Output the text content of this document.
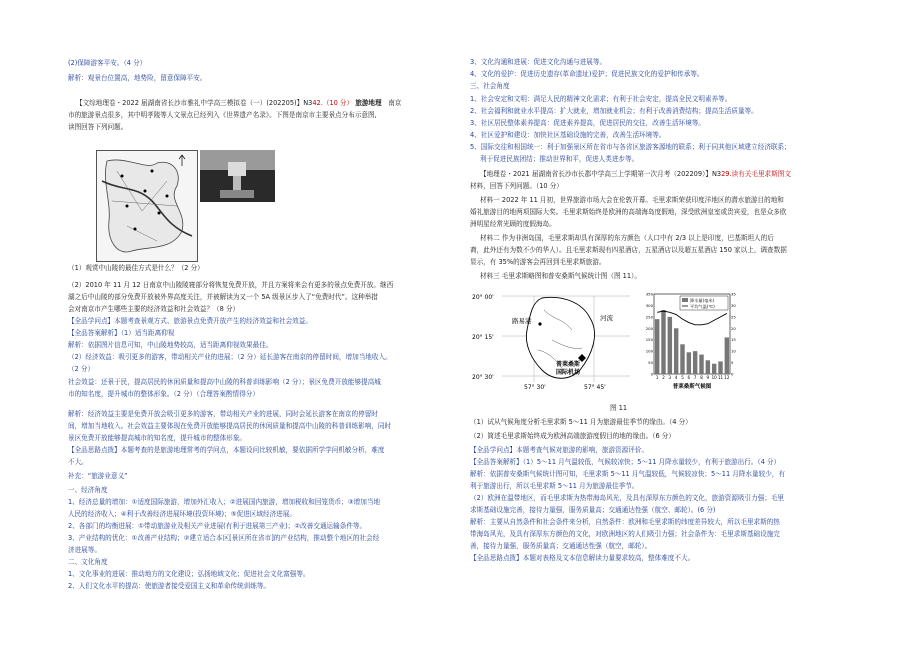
(2)保障游客平安。（4 分）
解析：观景台位置高，地势险，留意保障平安。
【文综地理卷・2022 届湖南省长沙市雅礼中学高三模拟卷（一）(202205)】N342.（10 分） 旅游地理　 南京
市的旅游景点很多，其中明孝陵等人文景点已经列入《世界遗产名录》。下图是南京市主要景点分布示意图,
读图回答下列问题。
（1）观赏中山陵的最佳方式是什么？（2 分）
（2）2010 年 11 月 12 日南京中山陵陵寝部分将恢复免费开放，并且方案将来会有更多的景点免费开放。继西
湖之后中山陵的部分免费开放被外界高度关注，并被解读为又一个 5A 级景区步入了“免费时代”。这种举措
会对南京市产生哪些主要的经济效益和社会效益？（8 分）
【全品学问点】本题考查景观方式、旅游景点免费开放产生的经济效益和社会效益。
【全品答案解析】（1）适当距离仰视
解析：依据图片信息可知，中山陵地势较高，适当距离仰视效果最佳。
（2）经济效益：吸引更多的游客，带动相关产业的进展；（2 分）延长游客在南京的停留时间，增加当地收入。
（2 分）
社会效益：还景于民，提高居民的休闲质量和提高中山陵的科普训练影响（2 分）；景区免费开放能够提高城
市的知名度，提升城市的整体形象。（2 分）（合理答案酌情得分）
解析：经济效益主要是免费开放会吸引更多的游客，带动相关产业的进展，同时会延长游客在南京的停留时
间，增加当地收入。社会效益主要体现在免费开放能够提高居民的休闲质量和提高中山陵的科普训练影响，同时
景区免费开放能够提高城市的知名度，提升城市的整体形象。
【全品思路点拨】本题考查的是旅游地理常考的学问点，本题设问比较机敏，要依据所学学问机敏分析，难度
不大。
补充：“旅游业意义”
一、经济角度
1、经济总量的增加：①适度国际旅游，增加外汇收入；②进展国内旅游，增加税收和回笼货币；③增加当地
人民的经济收入；④利于改善经济进展环境(投资环境)；⑤促进区域经济进展。
2、各部门的均衡进展：①带动旅游业及相关产业进展(有利于进展第三产业)；②改善交通运输条件等。
3、产业结构的优化：①改善产业结构；②建立适合本区[景区所在省市]的产业结构，推动整个地区的社会经
济进展等。
二、文化角度
1、文化事业的进展：推动地方的文化建设；弘扬地域文化；促进社会文化富强等。
2、人们文化水平的提高：使旅游者接受爱国主义和革命传统训练等。
3、文化沟通和进展：促进文化沟通与进展等。
4、文化的爱护：促进历史遗存(革命遗址)爱护；促进民族文化的爱护和传承等。
三、社会角度
1、社会安定和文明：满足人民的精神文化需求；有利于社会安定，提高全民文明素养等。
2、社会福利和就业水平提高：扩大就业，增加就业机会；有利于改善消费结构；提高生活质量等。
3、社区居民整体素养提高：促进素养提高，促进居民的交往，改善生活环境等。
4、社区爱护和建设：加快社区基础设施的完善，改善生活环境等。
5、国际交往和相国统一：利于加强景区所在省市与各省区旅游客源地的联系；利于同其他区域建立经济联系；
利于促进民族团结；推动世界和平，促进人类进步等。
【地理卷・2021 届湖南省长沙市长郡中学高三上学期第一次月考（202209）】N329.读有关毛里求斯图文
材料，回答下列问题。（10 分）
材料一 2022 年 11 月初，世界旅游市场大会在伦敦开幕。毛里求斯荣获印度洋地区的潜水旅游目的地和
婚礼旅游目的地两项国际大奖。毛里求斯始终是欧洲的高端海岛度假地，深受欧洲皇室或贵宾爱，也是众多欧
洲明星经常光顾的度假海岛。
材料二 作为非洲岛国，毛里求斯却具有深厚的东方颜色（人口中有 2/3 以上是印度，巴基斯坦人的后
裔，此外还有为数不少的华人）。且毛里求斯现有四星酒店，五星酒店以及超五星酒店 150 家以上，调查数据
显示，有 35%的游客会再回到毛里求斯旅游。
材料三 毛里求斯略图和普安桑斯气候统计图（图 11）。
图 11
（1）试从气候角度分析毛里求斯 5～11 月为旅游最佳季节的缘由。（4 分）
（2）简述毛里求斯始终成为欧洲高端旅游度假目的地的缘由。（6 分）
【全品学问点】本题考查气候对旅游的影响，旅游资源评价。
【全品答案解析】（1）5～11 月气温较低，气候较凉快；5～11 月降水量较少，有利于旅游出行。（4 分）
解析：依据普安桑斯气候统计图可知，毛里求斯 5～11 月气温较低，气候较凉快；5～11 月降水量较少，有
利于旅游出行，所以毛里求斯 5～11 月为旅游最佳季节。
（2）欧洲在温带地区，而毛里求斯为热带海岛风光，及具有深厚东方颜色的文化，旅游资源吸引力强；毛里
求斯基础设施完善，接待力量强，服务质量高；交通通达性强（航空、邮轮）。(6 分)
解析：主要从自然条件和社会条件来分析，自然条件：欧洲和毛里求斯的纬度差异较大，所以毛里求斯的热
带海岛风光，及具有深厚东方颜色的文化，对欧洲地区的人们吸引力强；社会条件为：毛里求斯基础设施完
善，接待力量强，服务质量高；交通通达性强（航空，邮轮）。
【全品思路点拨】本题对表格及文本信息解读力量要求较高，整体难度不大。
20° 00'
20° 15'
20° 30'
57° 30'	57° 45'
路易港	河流
普莱桑斯
国际机场
1 2 3 4 5 6 7 8 9 10 11 12
0	0
50	5
100	10
150	15
200	20
250	25
300	30
350	35
降水量(毫米)
平均气温(℃)
普莱桑斯气候图
